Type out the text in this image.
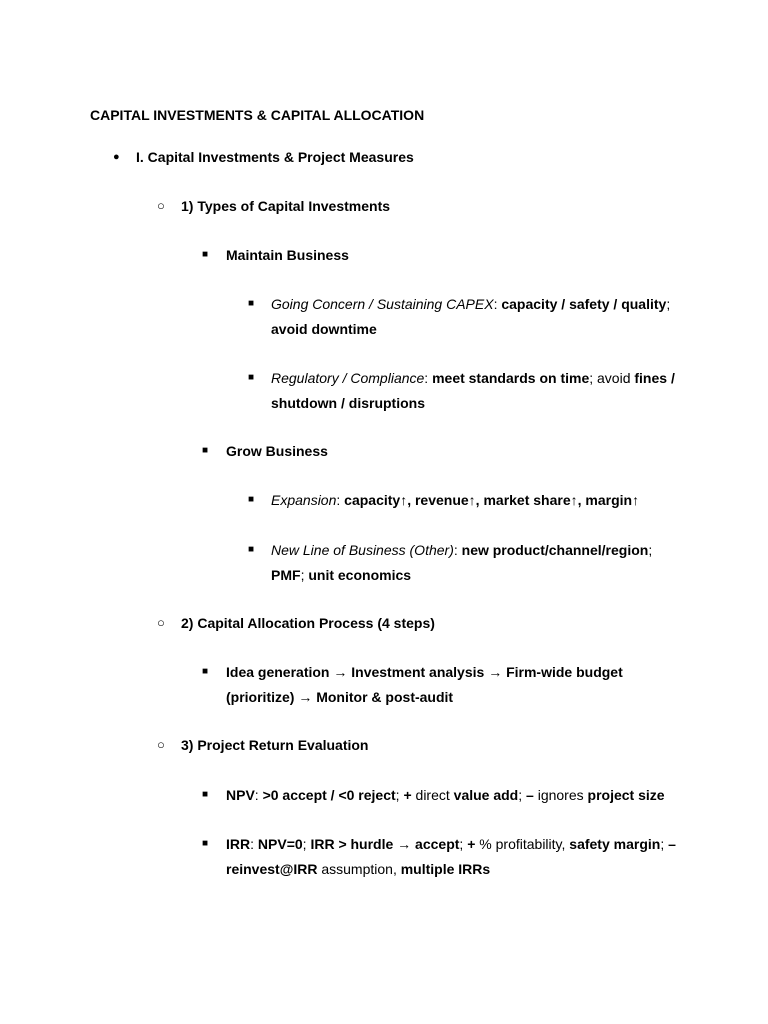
CAPITAL INVESTMENTS & CAPITAL ALLOCATION
● I. Capital Investments & Project Measures
○ 1) Types of Capital Investments
■ Maintain Business
■ Going Concern / Sustaining CAPEX: capacity / safety / quality; avoid downtime
■ Regulatory / Compliance: meet standards on time; avoid fines / shutdown / disruptions
■ Grow Business
■ Expansion: capacity↑, revenue↑, market share↑, margin↑
■ New Line of Business (Other): new product/channel/region;
PMF; unit economics
○ 2) Capital Allocation Process (4 steps)
■ Idea generation → Investment analysis → Firm-wide budget (prioritize) → Monitor & post-audit
○ 3) Project Return Evaluation
■ NPV: >0 accept / <0 reject; + direct value add; – ignores project size
■ IRR: NPV=0; IRR > hurdle → accept; + % profitability, safety margin; –
reinvest@IRR assumption, multiple IRRs
